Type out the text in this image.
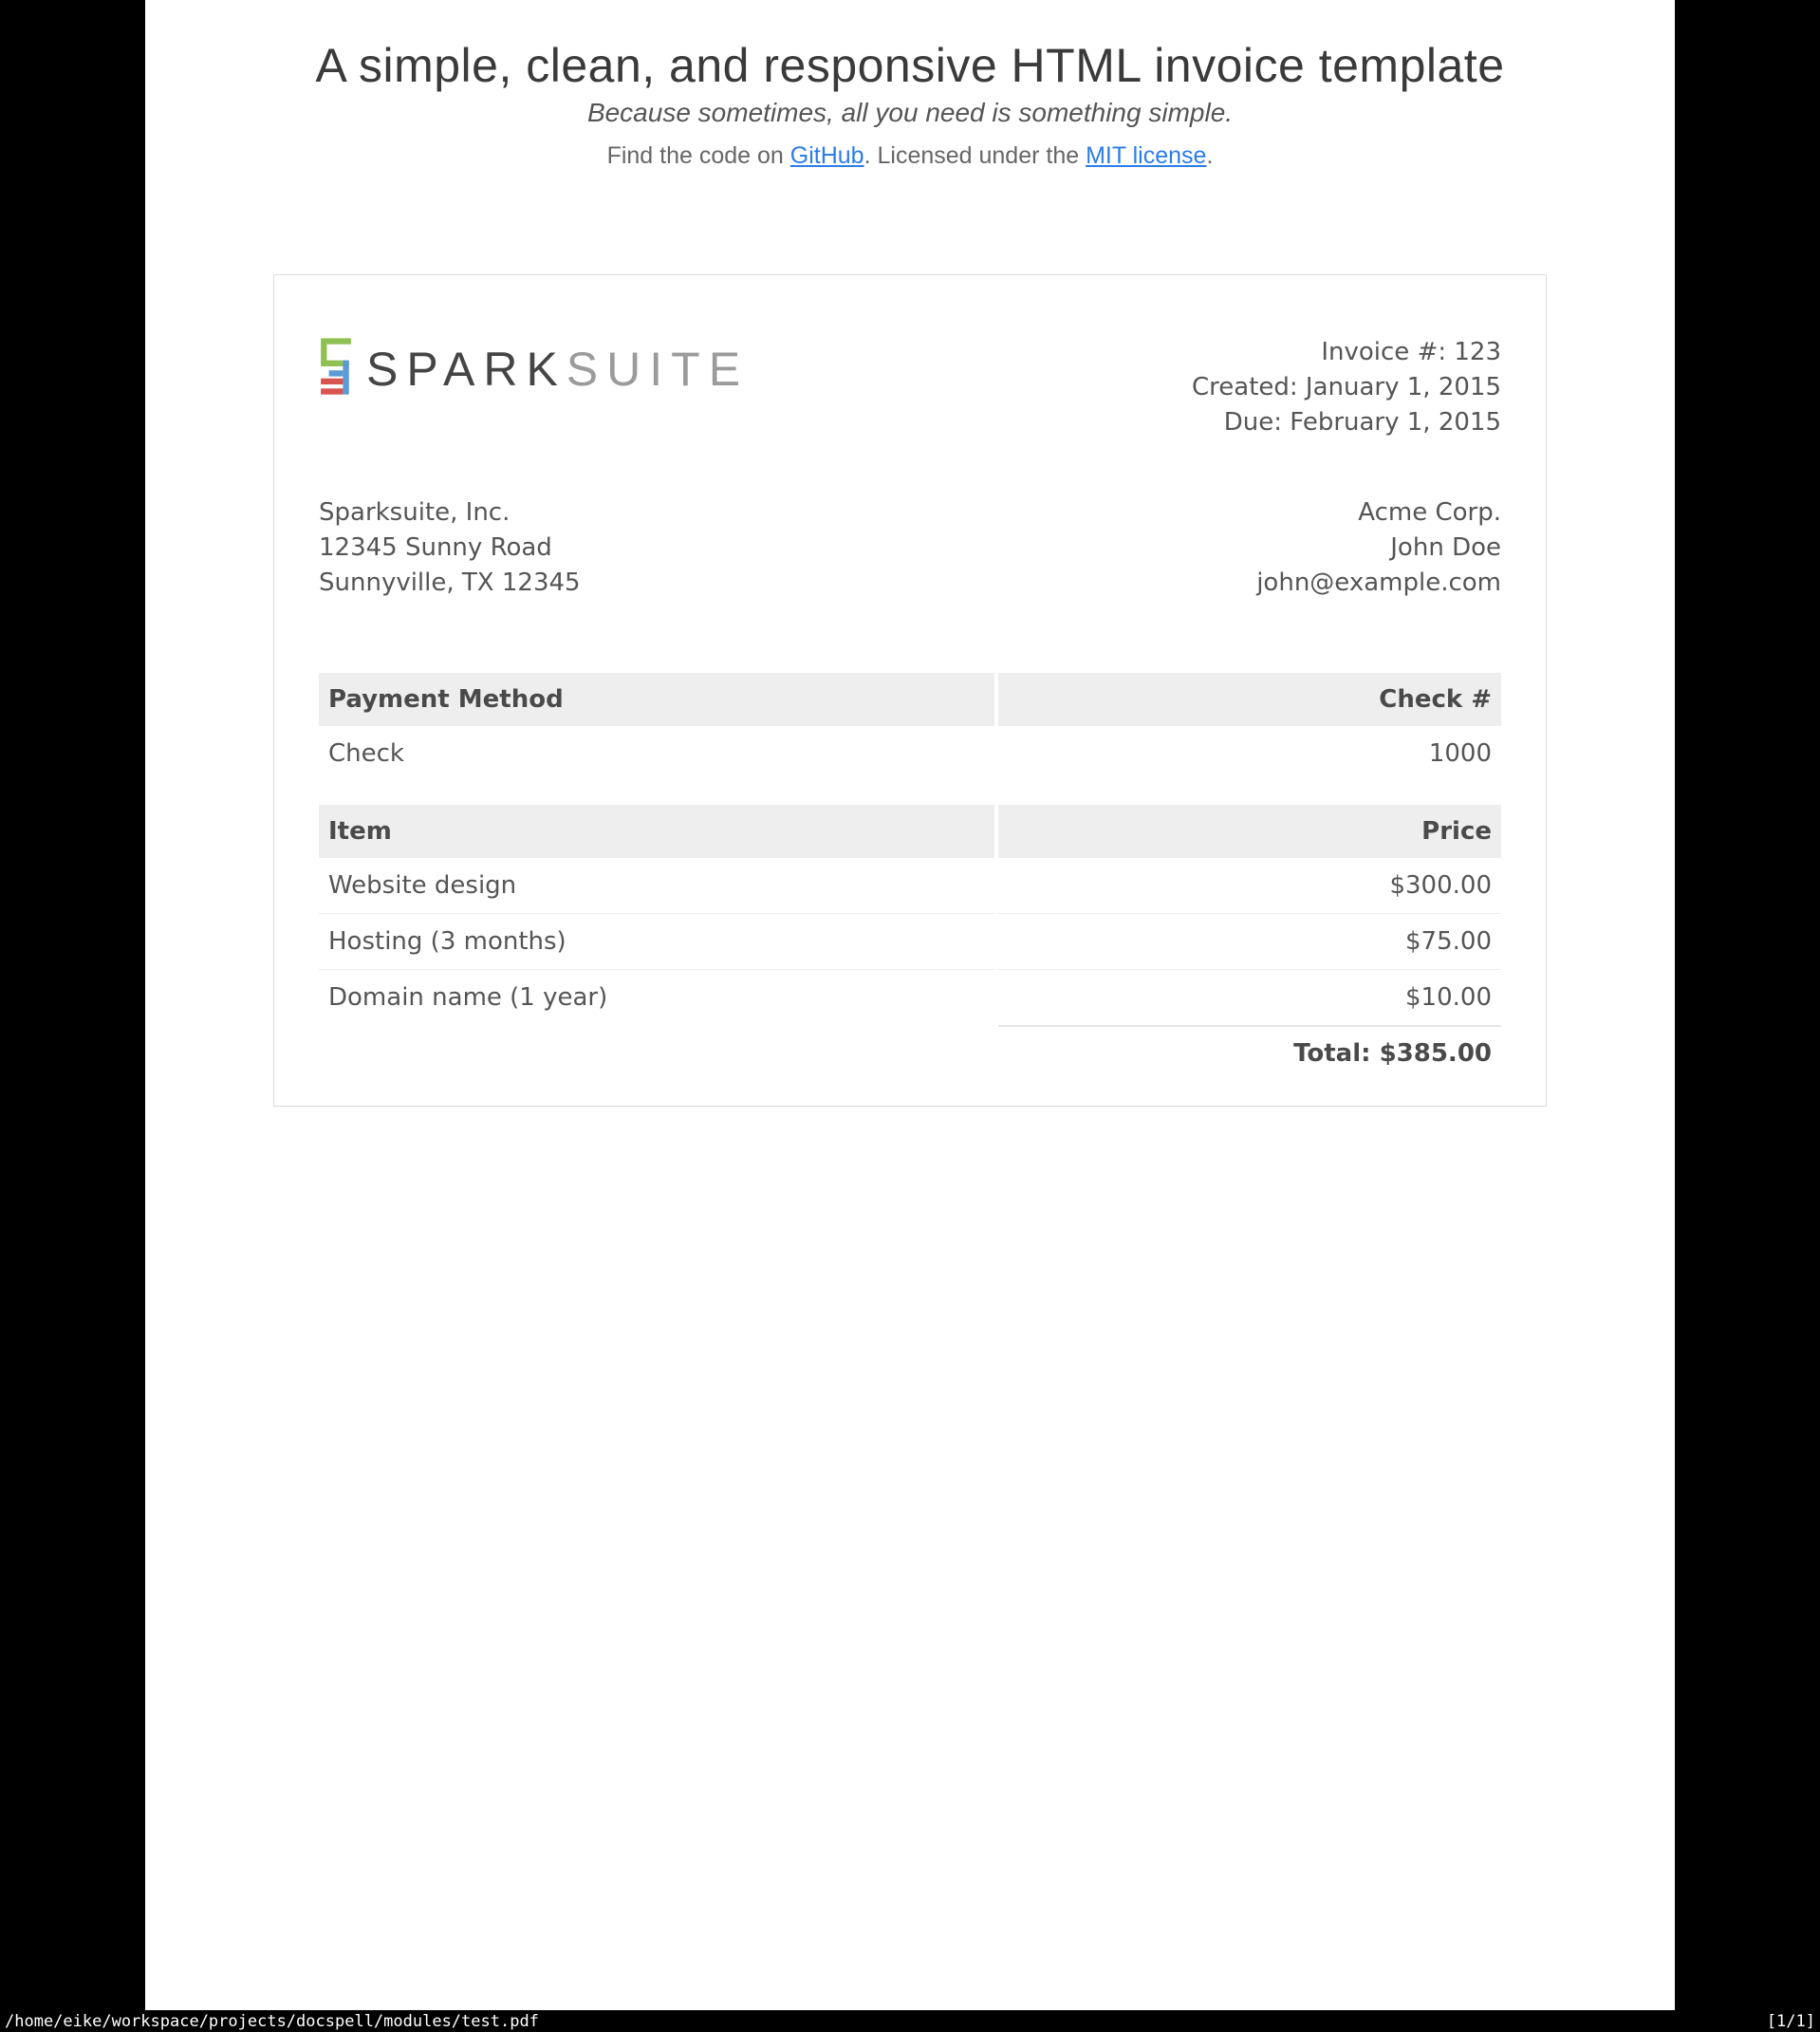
A simple, clean, and responsive HTML invoice template
Because sometimes, all you need is something simple.
Find the code on GitHub. Licensed under the MIT license.
SPARKSUITE	Invoice #: 123
Created: January 1, 2015
Due: February 1, 2015
Sparksuite, Inc.
12345 Sunny Road
Sunnyville, TX 12345
Acme Corp.
John Doe
john@example.com
Payment Method	Check #
Check	1000
Item	Price
Website design	$300.00
Hosting (3 months)	$75.00
Domain name (1 year)	$10.00
Total: $385.00
/home/eike/workspace/projects/docspell/modules/test.pdf	[1/1]
